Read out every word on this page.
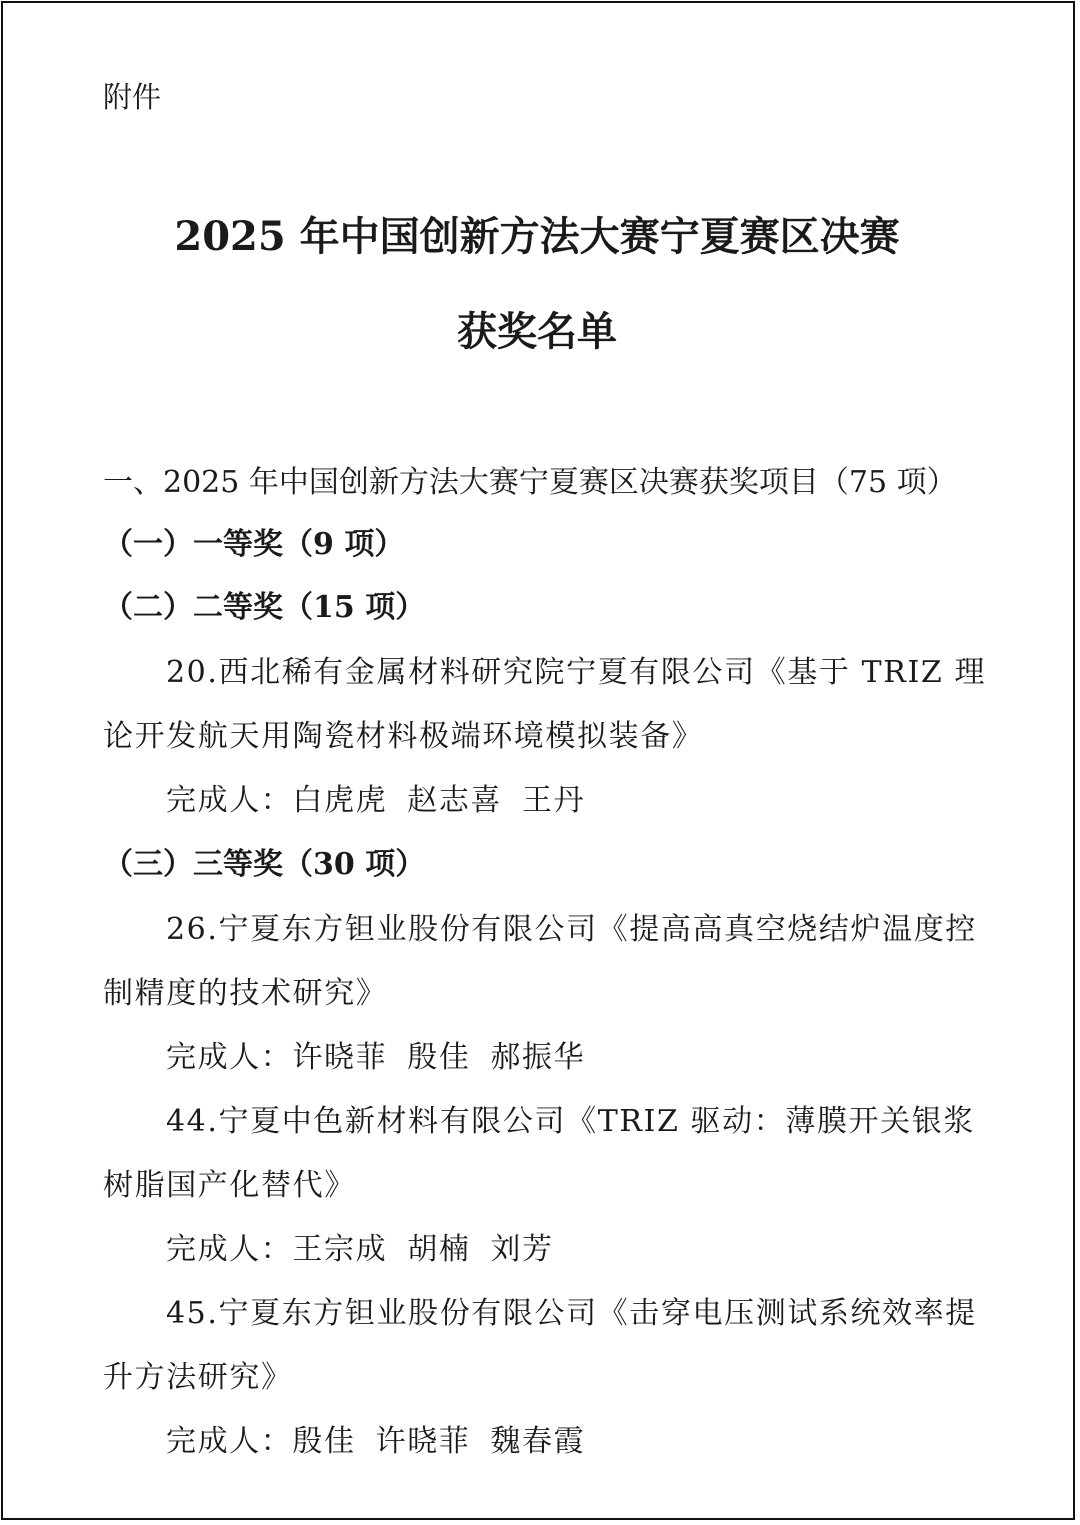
附件
2025 年中国创新方法大赛宁夏赛区决赛
获奖名单
一、2025 年中国创新方法大赛宁夏赛区决赛获奖项目（75 项）
（一）一等奖（9 项）
（二）二等奖（15 项）
20.西北稀有金属材料研究院宁夏有限公司《基于 TRIZ 理
论开发航天用陶瓷材料极端环境模拟装备》
完成人：白虎虎 赵志喜 王丹
（三）三等奖（30 项）
26.宁夏东方钽业股份有限公司《提高高真空烧结炉温度控
制精度的技术研究》
完成人：许晓菲 殷佳 郝振华
44.宁夏中色新材料有限公司《TRIZ 驱动：薄膜开关银浆
树脂国产化替代》
完成人：王宗成 胡楠 刘芳
45.宁夏东方钽业股份有限公司《击穿电压测试系统效率提
升方法研究》
完成人：殷佳 许晓菲 魏春霞
